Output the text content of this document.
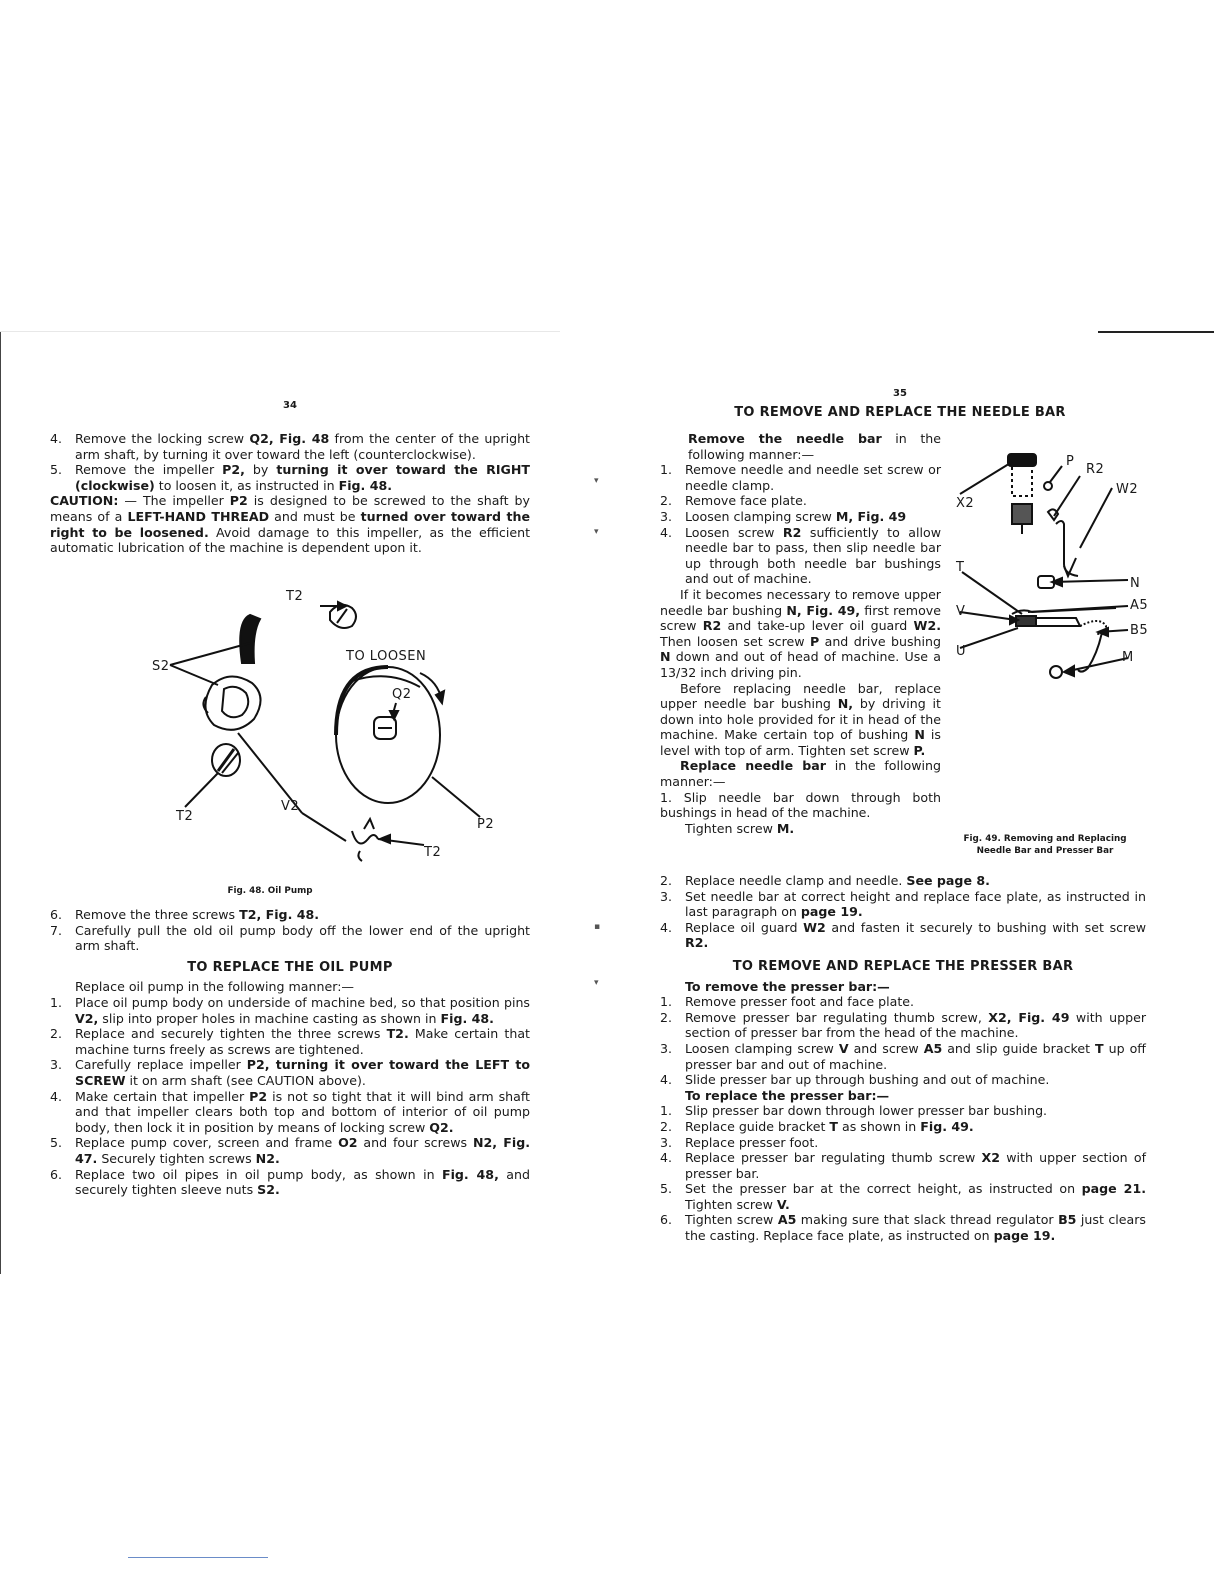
▾
▾
▪
▾
34
4. Remove the locking screw Q2, Fig. 48 from the center of the upright arm shaft, by turning it over toward the left (counterclockwise).
5. Remove the impeller P2, by turning it over toward the RIGHT (clockwise) to loosen it, as instructed in Fig. 48.

CAUTION: — The impeller P2 is designed to be screwed to the shaft by means of a LEFT-HAND THREAD and must be turned over toward the right to be loosened. Avoid damage to this impeller, as the efficient automatic lubrication of the machine is dependent upon it.

T2
TO LOOSEN
S2
Q2
T2
V2
P2
T2
Fig. 48. Oil Pump
6. Remove the three screws T2, Fig. 48.
7. Carefully pull the old oil pump body off the lower end of the upright arm shaft.

TO REPLACE THE OIL PUMP

Replace oil pump in the following manner:—

1. Place oil pump body on underside of machine bed, so that position pins V2, slip into proper holes in machine casting as shown in Fig. 48.
2. Replace and securely tighten the three screws T2. Make certain that machine turns freely as screws are tightened.
3. Carefully replace impeller P2, turning it over toward the LEFT to SCREW it on arm shaft (see CAUTION above).
4. Make certain that impeller P2 is not so tight that it will bind arm shaft and that impeller clears both top and bottom of interior of oil pump body, then lock it in position by means of locking screw Q2.
5. Replace pump cover, screen and frame O2 and four screws N2, Fig. 47. Securely tighten screws N2.
6. Replace two oil pipes in oil pump body, as shown in Fig. 48, and securely tighten sleeve nuts S2.
35

TO REMOVE AND REPLACE THE NEEDLE BAR

Remove the needle bar in the following manner:—

1. Remove needle and needle set screw or needle clamp.
2. Remove face plate.
3. Loosen clamping screw M, Fig. 49
4. Loosen screw R2 sufficiently to allow needle bar to pass, then slip needle bar up through both needle bar bushings and out of machine.

If it becomes necessary to remove upper needle bar bushing N, Fig. 49, first remove screw R2 and take-up lever oil guard W2. Then loosen set screw P and drive bushing N down and out of head of machine. Use a 13/32 inch driving pin.

Before replacing needle bar, replace upper needle bar bushing N, by driving it down into hole provided for it in head of the machine. Make certain top of bushing N is level with top of arm. Tighten set screw P.

Replace needle bar in the following manner:—

1. Slip needle bar down through both bushings in head of the machine.

Tighten screw M.

P
R2
W2
X2
T
N
V	A5
B5
U	M
Fig. 49. Removing and Replacing
Needle Bar and Presser Bar
2. Replace needle clamp and needle. See page 8.
3. Set needle bar at correct height and replace face plate, as instructed in last paragraph on page 19.
4. Replace oil guard W2 and fasten it securely to bushing with set screw R2.

TO REMOVE AND REPLACE THE PRESSER BAR

To remove the presser bar:—

1. Remove presser foot and face plate.
2. Remove presser bar regulating thumb screw, X2, Fig. 49 with upper section of presser bar from the head of the machine.
3. Loosen clamping screw V and screw A5 and slip guide bracket T up off presser bar and out of machine.
4. Slide presser bar up through bushing and out of machine.

To replace the presser bar:—

1. Slip presser bar down through lower presser bar bushing.
2. Replace guide bracket T as shown in Fig. 49.
3. Replace presser foot.
4. Replace presser bar regulating thumb screw X2 with upper section of presser bar.
5. Set the presser bar at the correct height, as instructed on page 21. Tighten screw V.
6. Tighten screw A5 making sure that slack thread regulator B5 just clears the casting. Replace face plate, as instructed on page 19.
